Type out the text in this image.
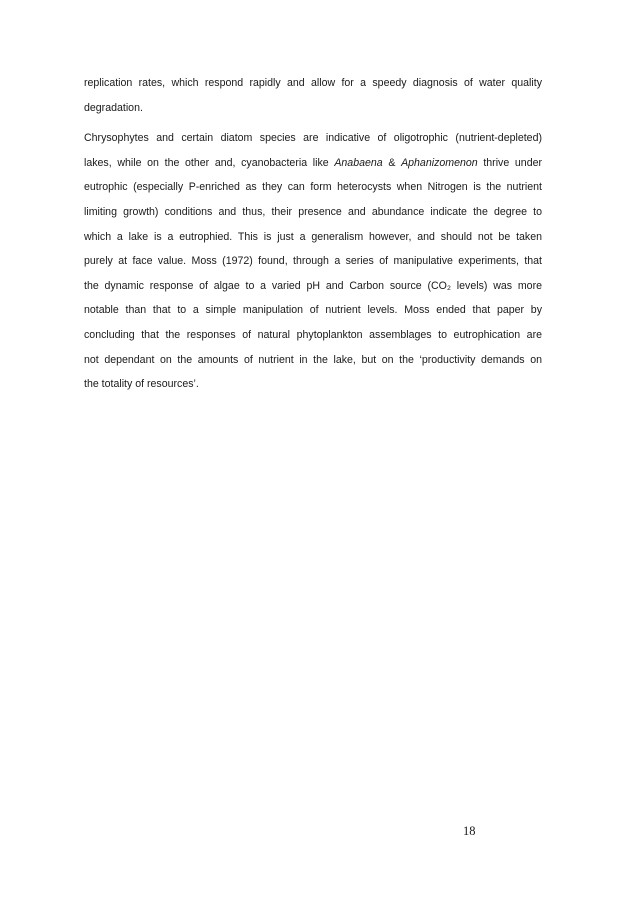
replication rates, which respond rapidly and allow for a speedy diagnosis of water quality
degradation.
Chrysophytes and certain diatom species are indicative of oligotrophic (nutrient-depleted)
lakes, while on the other and, cyanobacteria like Anabaena & Aphanizomenon thrive under
eutrophic (especially P-enriched as they can form heterocysts when Nitrogen is the nutrient
limiting growth) conditions and thus, their presence and abundance indicate the degree to
which a lake is a eutrophied. This is just a generalism however, and should not be taken
purely at face value. Moss (1972) found, through a series of manipulative experiments, that
the dynamic response of algae to a varied pH and Carbon source (CO₂ levels) was more
notable than that to a simple manipulation of nutrient levels. Moss ended that paper by
concluding that the responses of natural phytoplankton assemblages to eutrophication are
not dependant on the amounts of nutrient in the lake, but on the ‘productivity demands on
the totality of resources’.
18
